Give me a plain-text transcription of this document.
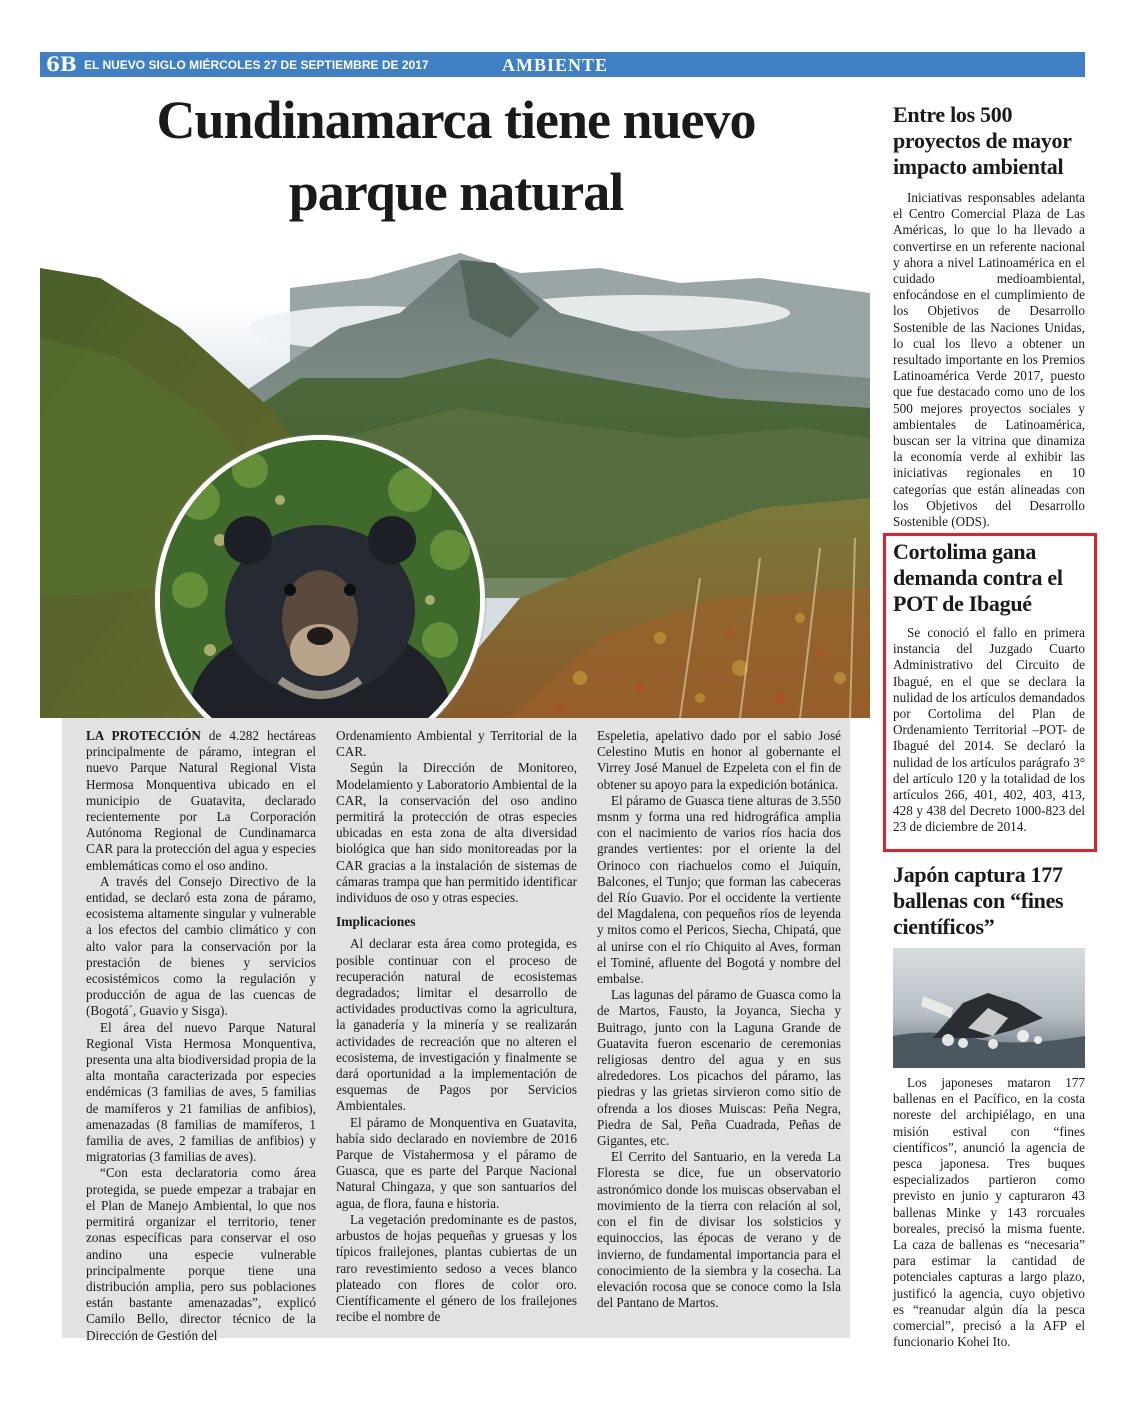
6B EL NUEVO SIGLO MIÉRCOLES 27 DE SEPTIEMBRE DE 2017	AMBIENTE
Cundinamarca tiene nuevo
parque natural

LA PROTECCIÓN de 4.282 hectáreas principalmente de páramo, integran el nuevo Parque Natural Regional Vista Hermosa Monquentiva ubicado en el municipio de Guatavita, declarado recientemente por La Corporación Autónoma Regional de Cundinamarca CAR para la protección del agua y especies emblemáticas como el oso andino.

A través del Consejo Directivo de la entidad, se declaró esta zona de páramo, ecosistema altamente singular y vulnerable a los efectos del cambio climático y con alto valor para la conservación por la prestación de bienes y servicios ecosistémicos como la regulación y producción de agua de las cuencas de (Bogotá´, Guavio y Sisga).

El área del nuevo Parque Natural Regional Vista Hermosa Monquentiva, presenta una alta biodiversidad propia de la alta montaña caracterizada por especies endémicas (3 familias de aves, 5 familias de mamíferos y 21 familias de anfibios), amenazadas (8 familias de mamíferos, 1 familia de aves, 2 familias de anfibios) y migratorias (3 familias de aves).

“Con esta declaratoria como área protegida, se puede empezar a trabajar en el Plan de Manejo Ambiental, lo que nos permitirá organizar el territorio, tener zonas específicas para conservar el oso andino una especie vulnerable principalmente porque tiene una distribución amplia, pero sus poblaciones están bastante amenazadas”, explicó Camilo Bello, director técnico de la Dirección de Gestión del

Ordenamiento Ambiental y Territorial de la CAR.

Según la Dirección de Monitoreo, Modelamiento y Laboratorio Ambiental de la CAR, la conservación del oso andino permitirá la protección de otras especies ubicadas en esta zona de alta diversidad biológica que han sido monitoreadas por la CAR gracias a la instalación de sistemas de cámaras trampa que han permitido identificar individuos de oso y otras especies.

Implicaciones

Al declarar esta área como protegida, es posible continuar con el proceso de recuperación natural de ecosistemas degradados; limitar el desarrollo de actividades productivas como la agricultura, la ganadería y la minería y se realizarán actividades de recreación que no alteren el ecosistema, de investigación y finalmente se dará oportunidad a la implementación de esquemas de Pagos por Servicios Ambientales.

El páramo de Monquentiva en Guatavita, había sido declarado en noviembre de 2016 Parque de Vistahermosa y el páramo de Guasca, que es parte del Parque Nacional Natural Chingaza, y que son santuarios del agua, de flora, fauna e historia.

La vegetación predominante es de pastos, arbustos de hojas pequeñas y gruesas y los típicos frailejones, plantas cubiertas de un raro revestimiento sedoso a veces blanco plateado con flores de color oro. Científicamente el género de los frailejones recibe el nombre de

Espeletia, apelativo dado por el sabio José Celestino Mutis en honor al gobernante el Virrey José Manuel de Ezpeleta con el fin de obtener su apoyo para la expedición botánica.

El páramo de Guasca tiene alturas de 3.550 msnm y forma una red hidrográfica amplia con el nacimiento de varios ríos hacia dos grandes vertientes: por el oriente la del Orinoco con riachuelos como el Juiquín, Balcones, el Tunjo; que forman las cabeceras del Río Guavio. Por el occidente la vertiente del Magdalena, con pequeños ríos de leyenda y mitos como el Pericos, Siecha, Chipatá, que al unirse con el río Chiquito al Aves, forman el Tominé, afluente del Bogotá y nombre del embalse.

Las lagunas del páramo de Guasca como la de Martos, Fausto, la Joyanca, Siecha y Buitrago, junto con la Laguna Grande de Guatavita fueron escenario de ceremonias religiosas dentro del agua y en sus alrededores. Los picachos del páramo, las piedras y las grietas sirvieron como sitio de ofrenda a los dioses Muiscas: Peña Negra, Piedra de Sal, Peña Cuadrada, Peñas de Gigantes, etc.

El Cerrito del Santuario, en la vereda La Floresta se dice, fue un observatorio astronómico donde los muiscas observaban el movimiento de la tierra con relación al sol, con el fin de divisar los solsticios y equinoccios, las épocas de verano y de invierno, de fundamental importancia para el conocimiento de la siembra y la cosecha. La elevación rocosa que se conoce como la Isla del Pantano de Martos.

Entre los 500 proyectos de mayor impacto ambiental

Iniciativas responsables adelanta el Centro Comercial Plaza de Las Américas, lo que lo ha llevado a convertirse en un referente nacional y ahora a nivel Latinoamérica en el cuidado medioambiental, enfocándose en el cumplimiento de los Objetivos de Desarrollo Sostenible de las Naciones Unidas, lo cual los llevo a obtener un resultado importante en los Premios Latinoamérica Verde 2017, puesto que fue destacado como uno de los 500 mejores proyectos sociales y ambientales de Latinoamérica, buscan ser la vitrina que dinamiza la economía verde al exhibir las iniciativas regionales en 10 categorías que están alineadas con los Objetivos del Desarrollo Sostenible (ODS).

Cortolima gana demanda contra el POT de Ibagué

Se conoció el fallo en primera instancia del Juzgado Cuarto Administrativo del Circuito de Ibagué, en el que se declara la nulidad de los artículos demandados por Cortolima del Plan de Ordenamiento Territorial –POT- de Ibagué del 2014. Se declaró la nulidad de los artículos parágrafo 3° del artículo 120 y la totalidad de los artículos 266, 401, 402, 403, 413, 428 y 438 del Decreto 1000-823 del 23 de diciembre de 2014.

Japón captura 177 ballenas con “fines científicos”

Los japoneses mataron 177 ballenas en el Pacífico, en la costa noreste del archipiélago, en una misión estival con “fines científicos”, anunció la agencia de pesca japonesa. Tres buques especializados partieron como previsto en junio y capturaron 43 ballenas Minke y 143 rorcuales boreales, precisó la misma fuente. La caza de ballenas es “necesaria” para estimar la cantidad de potenciales capturas a largo plazo, justificó la agencia, cuyo objetivo es “reanudar algún día la pesca comercial”, precisó a la AFP el funcionario Kohei Ito.
